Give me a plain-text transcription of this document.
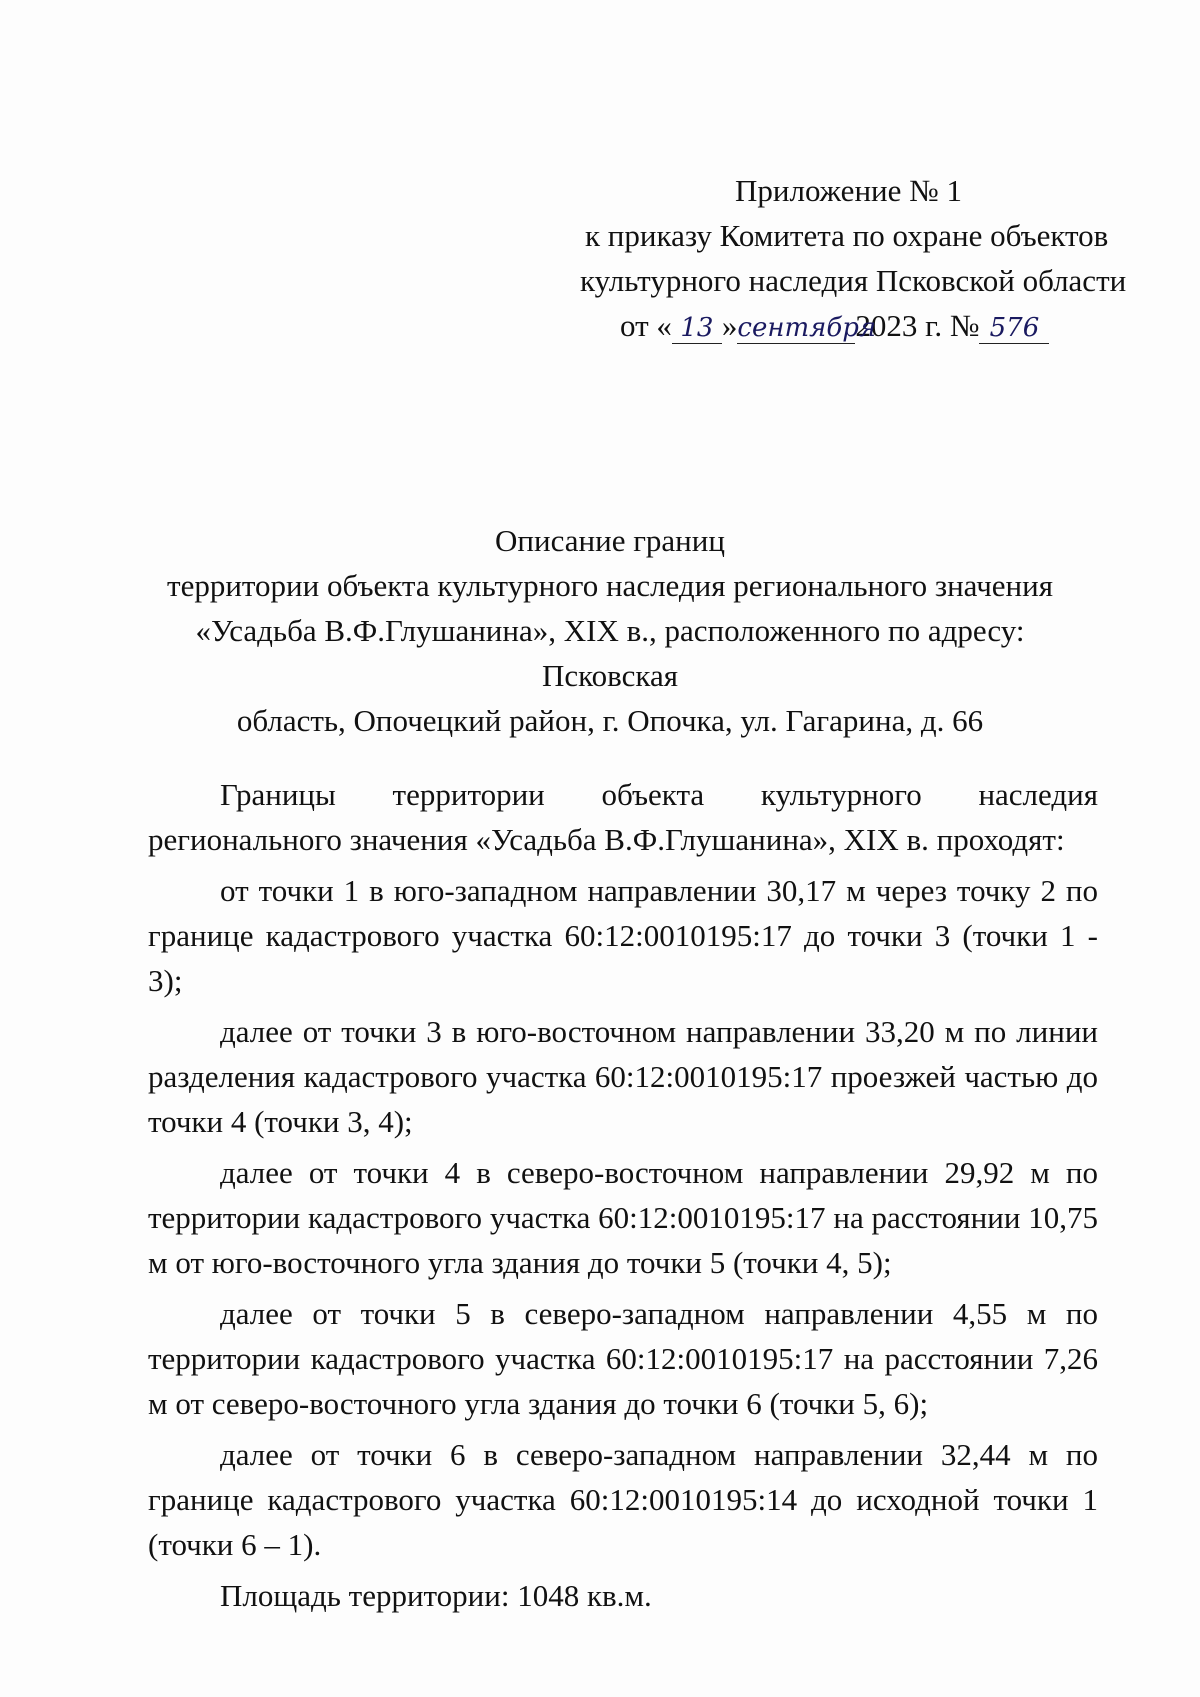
Приложение № 1
к приказу Комитета по охране объектов
культурного наследия Псковской области
от « 13 »сентября2023 г. № 576
Описание границ
территории объекта культурного наследия регионального значения
«Усадьба В.Ф.Глушанина», XIX в., расположенного по адресу: Псковская
область, Опочецкий район, г. Опочка, ул. Гагарина, д. 66

Границы территории объекта культурного наследия регионального значения «Усадьба В.Ф.Глушанина», XIX в. проходят:

от точки 1 в юго-западном направлении 30,17 м через точку 2 по границе кадастрового участка 60:12:0010195:17 до точки 3 (точки 1 - 3);

далее от точки 3 в юго-восточном направлении 33,20 м по линии разделения кадастрового участка 60:12:0010195:17 проезжей частью до точки 4 (точки 3, 4);

далее от точки 4 в северо-восточном направлении 29,92 м по территории кадастрового участка 60:12:0010195:17 на расстоянии 10,75 м от юго-восточного угла здания до точки 5 (точки 4, 5);

далее от точки 5 в северо-западном направлении 4,55 м по территории кадастрового участка 60:12:0010195:17 на расстоянии 7,26 м от северо-восточного угла здания до точки 6 (точки 5, 6);

далее от точки 6 в северо-западном направлении 32,44 м по границе кадастрового участка 60:12:0010195:14 до исходной точки 1 (точки 6 – 1).

Площадь территории: 1048 кв.м.
